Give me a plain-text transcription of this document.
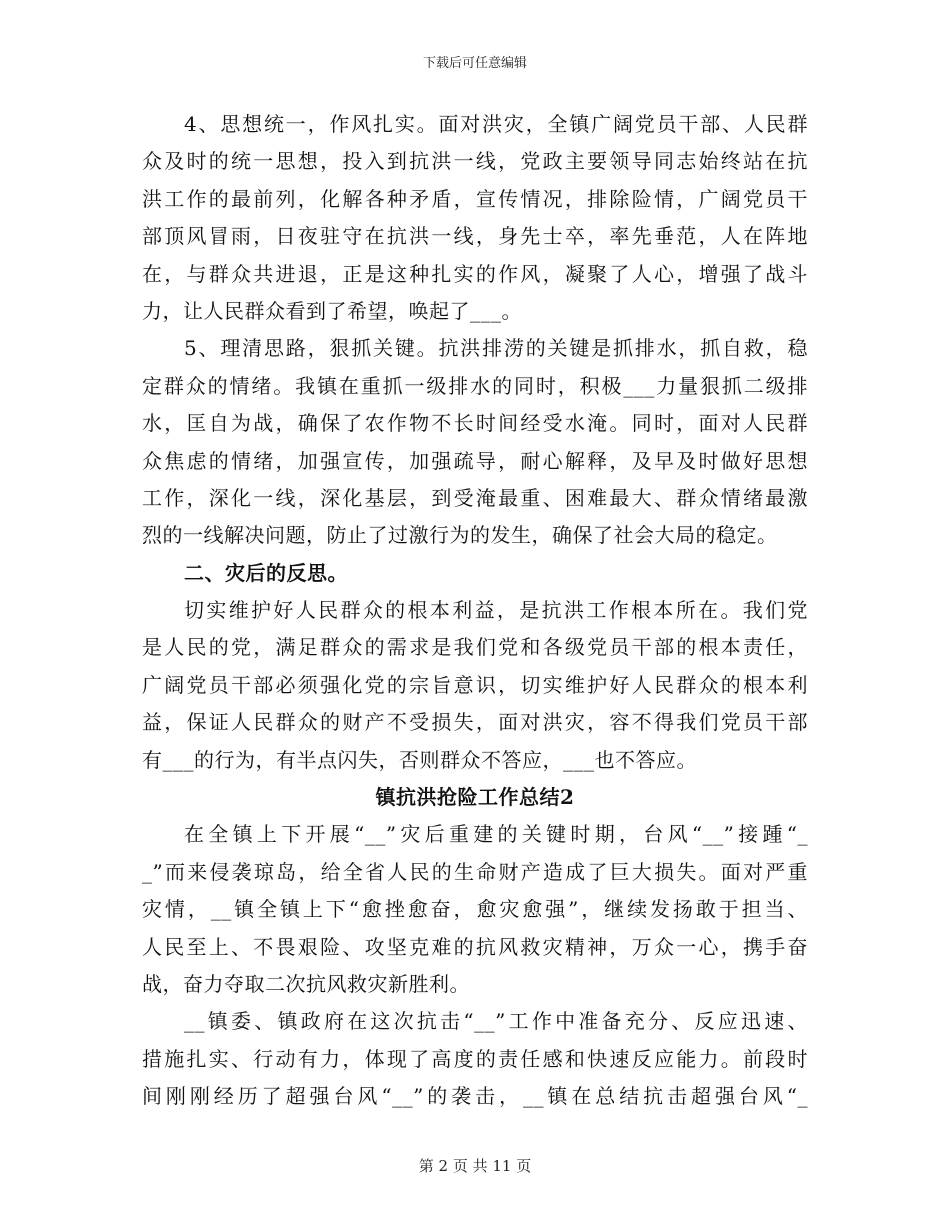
下载后可任意编辑
4、思想统一，作风扎实。面对洪灾，全镇广阔党员干部、人民群
众及时的统一思想，投入到抗洪一线，党政主要领导同志始终站在抗
洪工作的最前列，化解各种矛盾，宣传情况，排除险情，广阔党员干
部顶风冒雨，日夜驻守在抗洪一线，身先士卒，率先垂范，人在阵地
在，与群众共进退，正是这种扎实的作风，凝聚了人心，增强了战斗
力，让人民群众看到了希望，唤起了___。
5、理清思路，狠抓关键。抗洪排涝的关键是抓排水，抓自救，稳
定群众的情绪。我镇在重抓一级排水的同时，积极___力量狠抓二级排
水，匡自为战，确保了农作物不长时间经受水淹。同时，面对人民群
众焦虑的情绪，加强宣传，加强疏导，耐心解释，及早及时做好思想
工作，深化一线，深化基层，到受淹最重、困难最大、群众情绪最激
烈的一线解决问题，防止了过激行为的发生，确保了社会大局的稳定。
二、灾后的反思。
切实维护好人民群众的根本利益，是抗洪工作根本所在。我们党
是人民的党，满足群众的需求是我们党和各级党员干部的根本责任，
广阔党员干部必须强化党的宗旨意识，切实维护好人民群众的根本利
益，保证人民群众的财产不受损失，面对洪灾，容不得我们党员干部
有___的行为，有半点闪失，否则群众不答应，___也不答应。
镇抗洪抢险工作总结2
在全镇上下开展“__”灾后重建的关键时期，台风“__”接踵“_
_”而来侵袭琼岛，给全省人民的生命财产造成了巨大损失。面对严重
灾情，__镇全镇上下“愈挫愈奋，愈灾愈强”，继续发扬敢于担当、
人民至上、不畏艰险、攻坚克难的抗风救灾精神，万众一心，携手奋
战，奋力夺取二次抗风救灾新胜利。
__镇委、镇政府在这次抗击“__”工作中准备充分、反应迅速、
措施扎实、行动有力，体现了高度的责任感和快速反应能力。前段时
间刚刚经历了超强台风“__”的袭击，__镇在总结抗击超强台风“_
第 2 页 共 11 页
